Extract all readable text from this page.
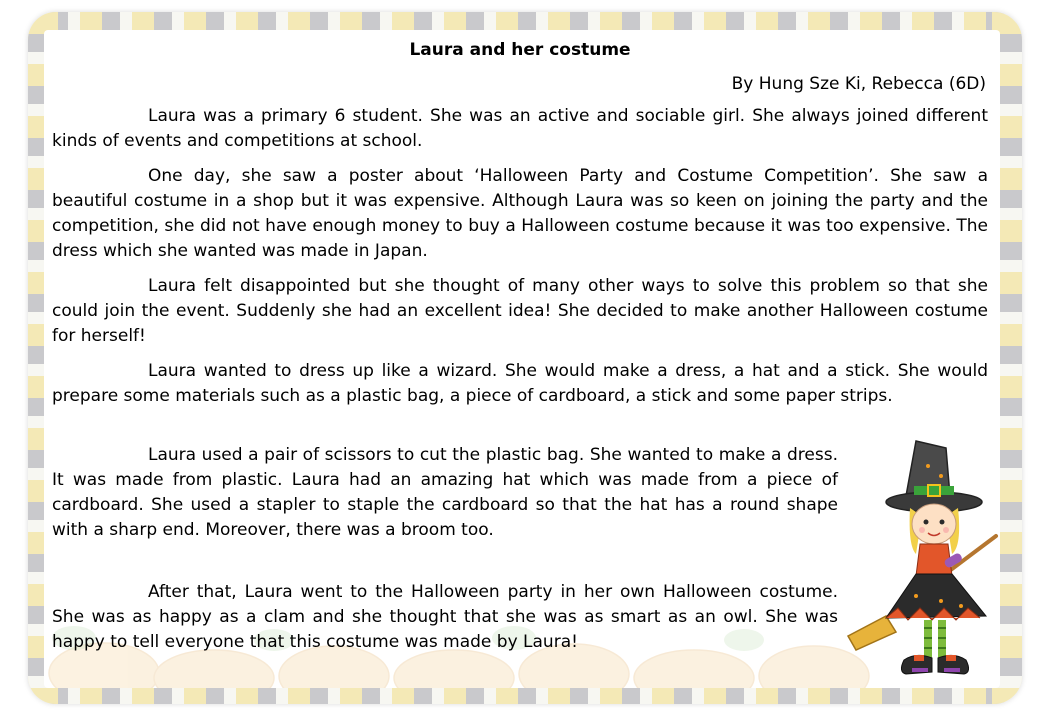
Laura and her costume
By Hung Sze Ki, Rebecca (6D)

Laura was a primary 6 student. She was an active and sociable girl. She always joined different kinds of events and competitions at school.

One day, she saw a poster about ‘Halloween Party and Costume Competition’. She saw a beautiful costume in a shop but it was expensive. Although Laura was so keen on joining the party and the competition, she did not have enough money to buy a Halloween costume because it was too expensive. The dress which she wanted was made in Japan.

Laura felt disappointed but she thought of many other ways to solve this problem so that she could join the event. Suddenly she had an excellent idea! She decided to make another Halloween costume for herself!

Laura wanted to dress up like a wizard. She would make a dress, a hat and a stick. She would prepare some materials such as a plastic bag, a piece of cardboard, a stick and some paper strips.

Laura used a pair of scissors to cut the plastic bag. She wanted to make a dress. It was made from plastic. Laura had an amazing hat which was made from a piece of cardboard. She used a stapler to staple the cardboard so that the hat has a round shape with a sharp end. Moreover, there was a broom too.

After that, Laura went to the Halloween party in her own Halloween costume. She was as happy as a clam and she thought that she was as smart as an owl. She was happy to tell everyone that this costume was made by Laura!
